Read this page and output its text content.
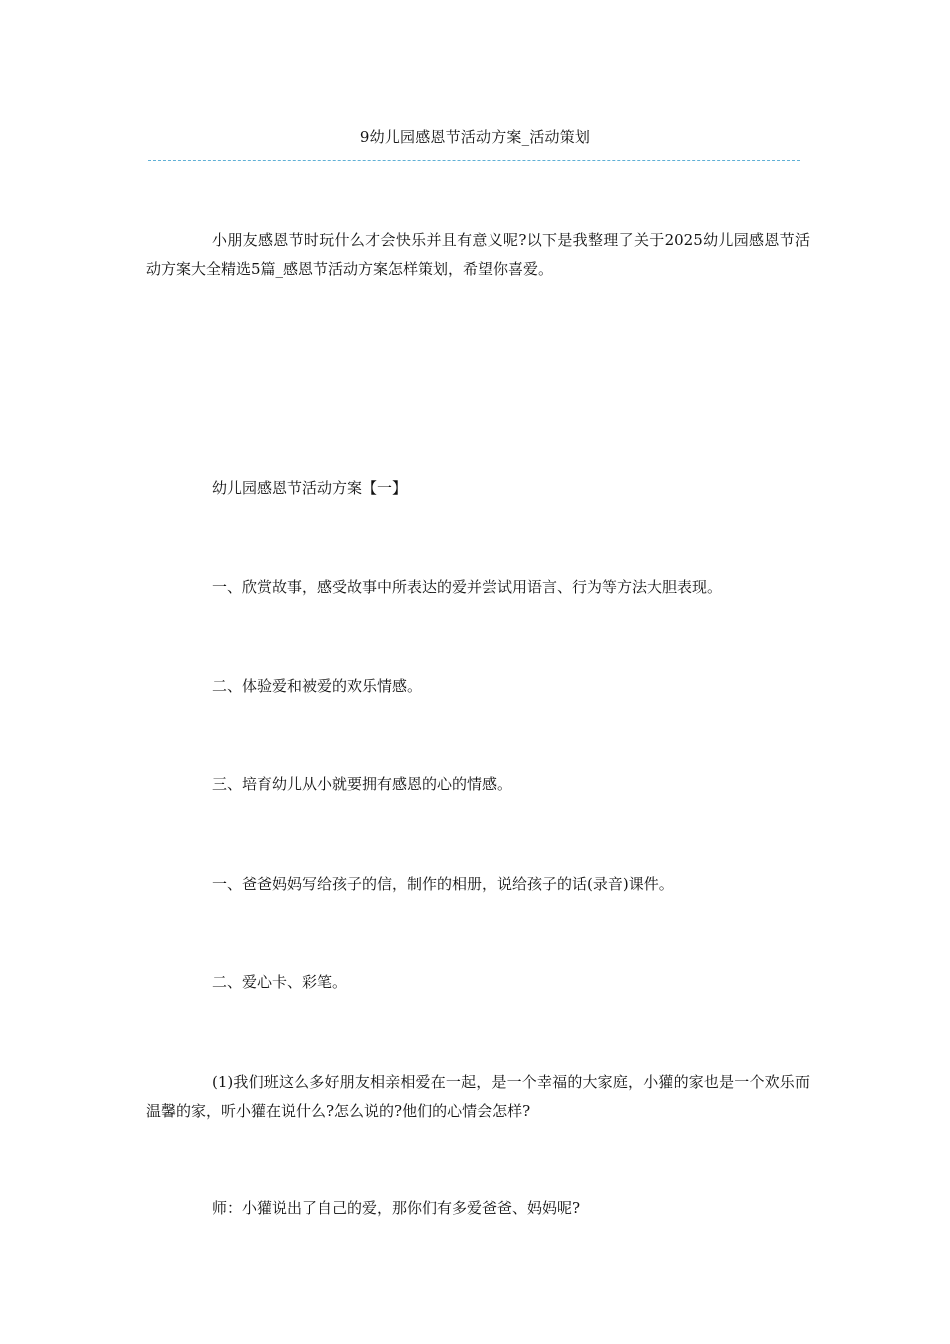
9幼儿园感恩节活动方案_活动策划

小朋友感恩节时玩什么才会快乐并且有意义呢?以下是我整理了关于2025幼儿园感恩节活动方案大全精选5篇_感恩节活动方案怎样策划，希望你喜爱。

幼儿园感恩节活动方案【一】

一、欣赏故事，感受故事中所表达的爱并尝试用语言、行为等方法大胆表现。

二、体验爱和被爱的欢乐情感。

三、培育幼儿从小就要拥有感恩的心的情感。

一、爸爸妈妈写给孩子的信，制作的相册，说给孩子的话(录音)课件。

二、爱心卡、彩笔。

(1)我们班这么多好朋友相亲相爱在一起，是一个幸福的大家庭，小獾的家也是一个欢乐而温馨的家，听小獾在说什么?怎么说的?他们的心情会怎样?

师：小獾说出了自己的爱，那你们有多爱爸爸、妈妈呢?
